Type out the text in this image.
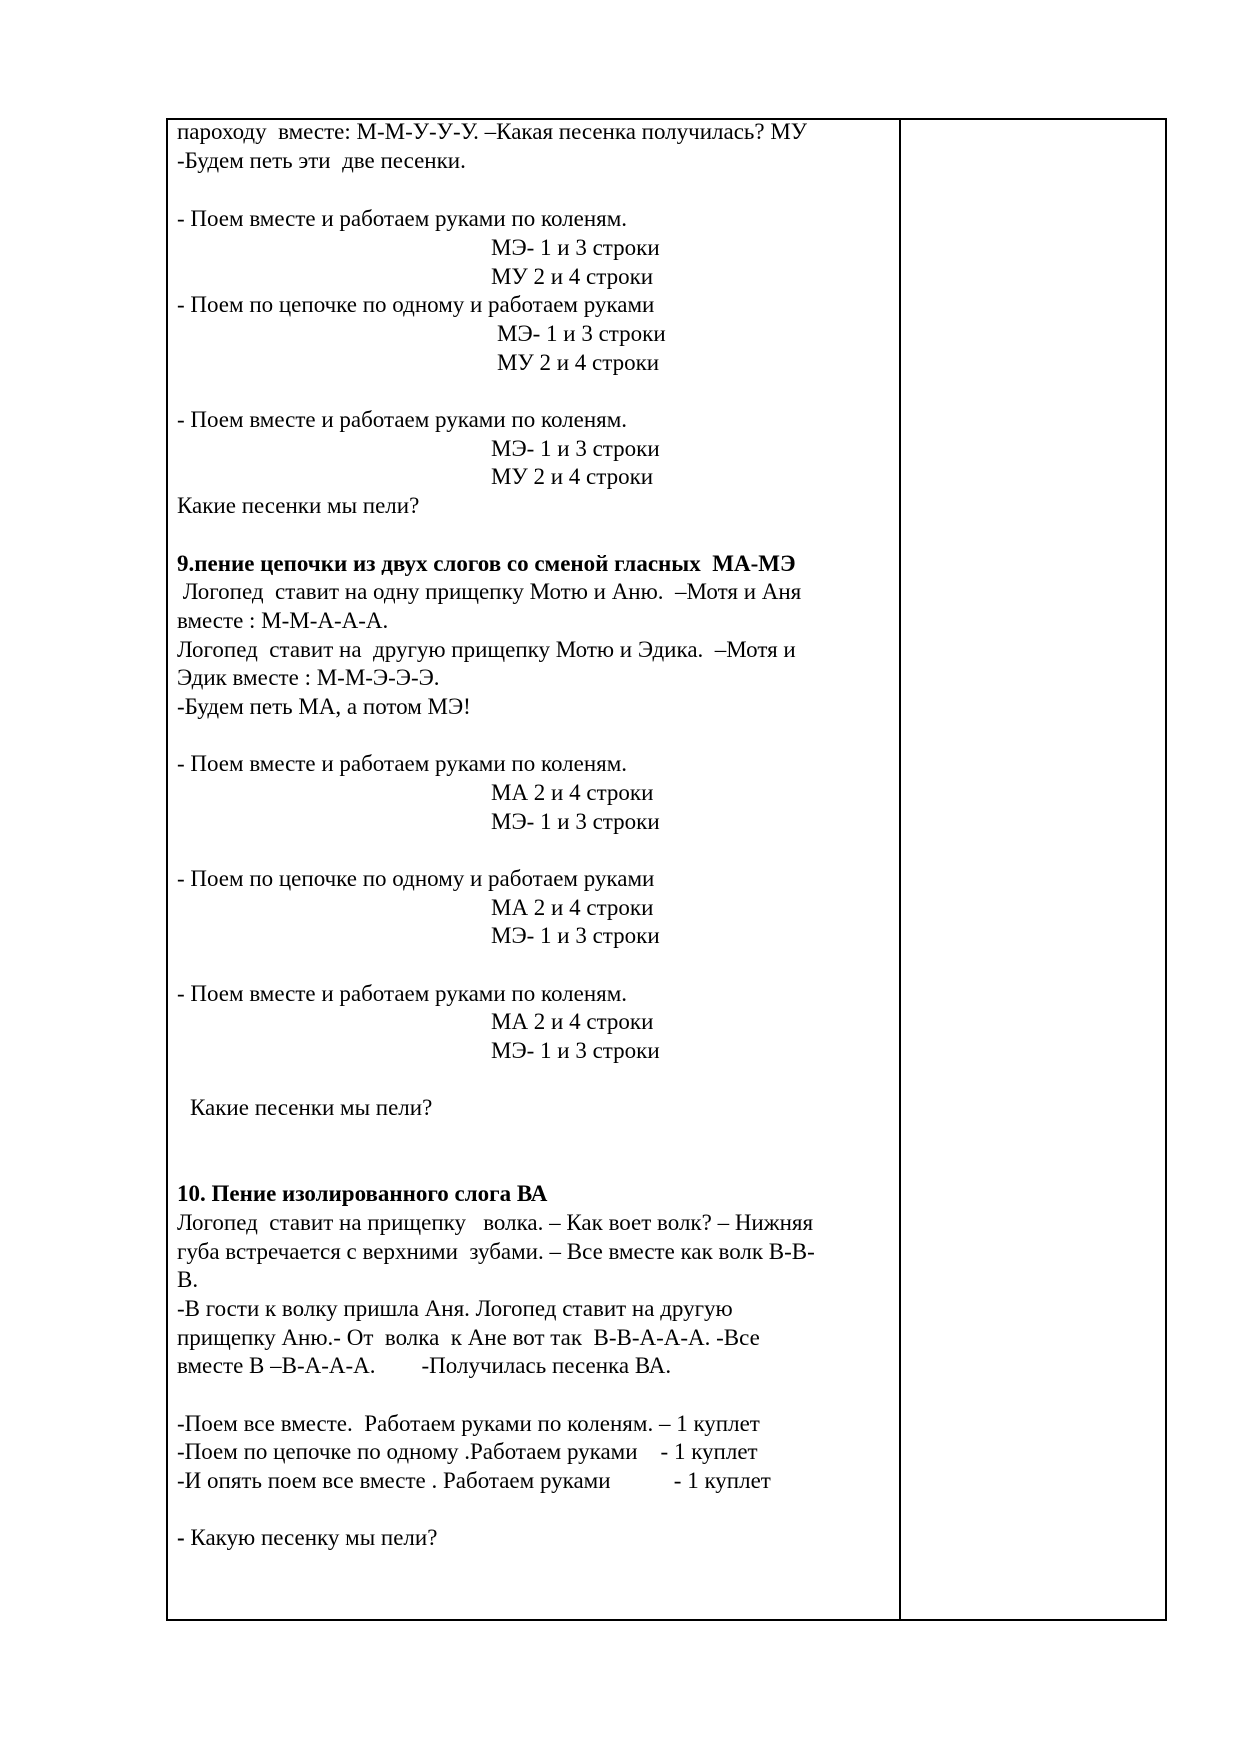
пароходу  вместе: М-М-У-У-У. –Какая песенка получилась? МУ
-Будем петь эти  две песенки.
- Поем вместе и работаем руками по коленям.
МЭ- 1 и 3 строки
МУ 2 и 4 строки
- Поем по цепочке по одному и работаем руками
МЭ- 1 и 3 строки
МУ 2 и 4 строки
- Поем вместе и работаем руками по коленям.
МЭ- 1 и 3 строки
МУ 2 и 4 строки
Какие песенки мы пели?
9.пение цепочки из двух слогов со сменой гласных  МА-МЭ
Логопед  ставит на одну прищепку Мотю и Аню.  –Мотя и Аня
вместе : М-М-А-А-А.
Логопед  ставит на  другую прищепку Мотю и Эдика.  –Мотя и
Эдик вместе : М-М-Э-Э-Э.
-Будем петь МА, а потом МЭ!
- Поем вместе и работаем руками по коленям.
МА 2 и 4 строки
МЭ- 1 и 3 строки
- Поем по цепочке по одному и работаем руками
МА 2 и 4 строки
МЭ- 1 и 3 строки
- Поем вместе и работаем руками по коленям.
МА 2 и 4 строки
МЭ- 1 и 3 строки
Какие песенки мы пели?
10. Пение изолированного слога ВА
Логопед  ставит на прищепку   волка. – Как воет волк? – Нижняя
губа встречается с верхними  зубами. – Все вместе как волк В-В-
В.
-В гости к волку пришла Аня. Логопед ставит на другую
прищепку Аню.- От  волка  к Ане вот так  В-В-А-А-А. -Все
вместе В –В-А-А-А.        -Получилась песенка ВА.
-Поем все вместе.  Работаем руками по коленям. – 1 куплет
-Поем по цепочке по одному .Работаем руками    - 1 куплет
-И опять поем все вместе . Работаем руками           - 1 куплет
- Какую песенку мы пели?
